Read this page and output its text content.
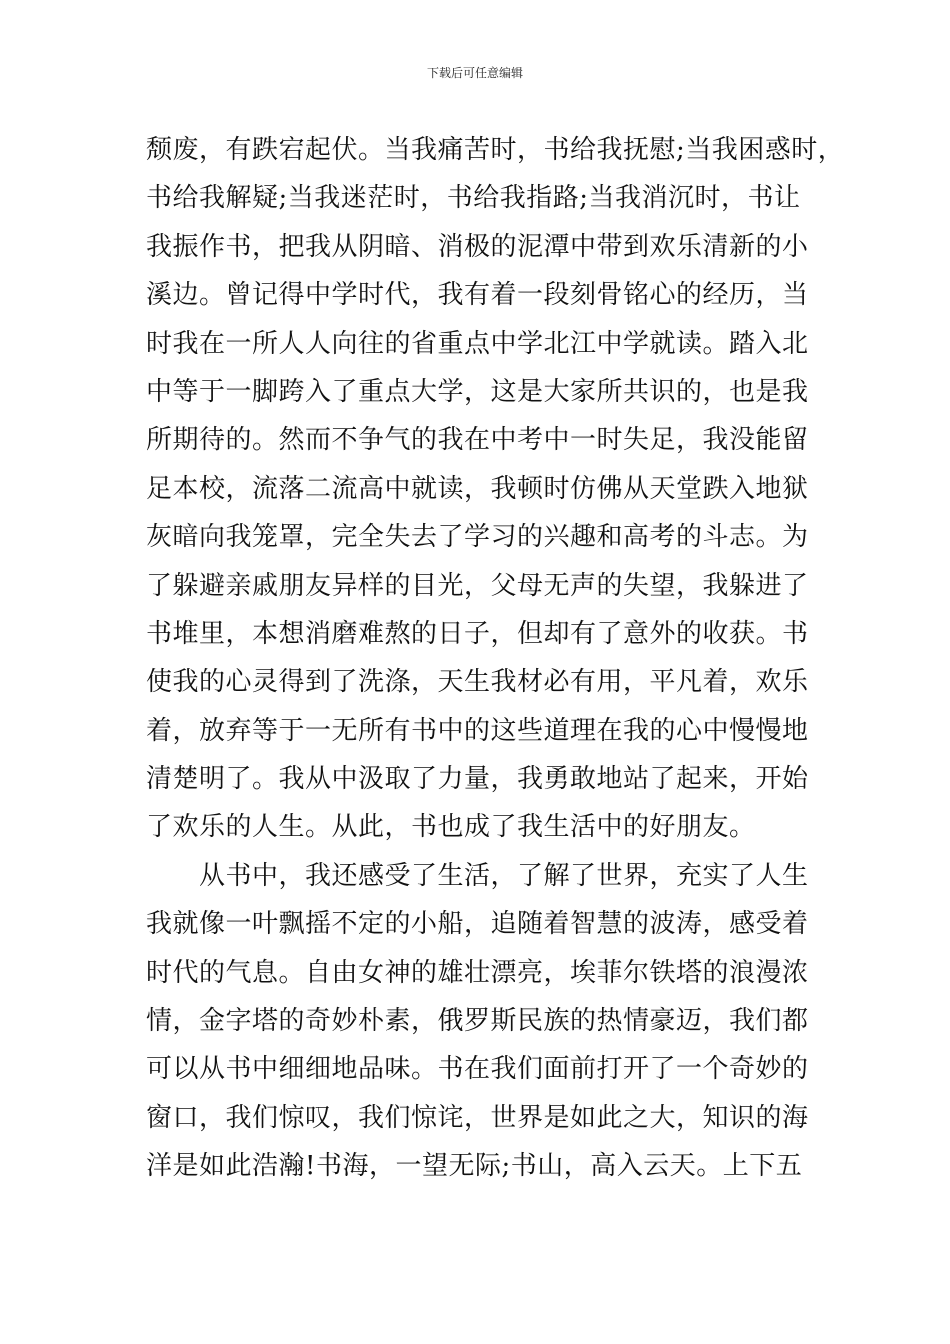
下载后可任意编辑
颓废，有跌宕起伏。当我痛苦时，书给我抚慰;当我困惑时，
书给我解疑;当我迷茫时，书给我指路;当我消沉时，书让
我振作书，把我从阴暗、消极的泥潭中带到欢乐清新的小
溪边。曾记得中学时代，我有着一段刻骨铭心的经历，当
时我在一所人人向往的省重点中学北江中学就读。踏入北
中等于一脚跨入了重点大学，这是大家所共识的，也是我
所期待的。然而不争气的我在中考中一时失足，我没能留
足本校，流落二流高中就读，我顿时仿佛从天堂跌入地狱
灰暗向我笼罩，完全失去了学习的兴趣和高考的斗志。为
了躲避亲戚朋友异样的目光，父母无声的失望，我躲进了
书堆里，本想消磨难熬的日子，但却有了意外的收获。书
使我的心灵得到了洗涤，天生我材必有用，平凡着，欢乐
着，放弃等于一无所有书中的这些道理在我的心中慢慢地
清楚明了。我从中汲取了力量，我勇敢地站了起来，开始
了欢乐的人生。从此，书也成了我生活中的好朋友。
　　从书中，我还感受了生活，了解了世界，充实了人生
我就像一叶飘摇不定的小船，追随着智慧的波涛，感受着
时代的气息。自由女神的雄壮漂亮，埃菲尔铁塔的浪漫浓
情，金字塔的奇妙朴素，俄罗斯民族的热情豪迈，我们都
可以从书中细细地品味。书在我们面前打开了一个奇妙的
窗口，我们惊叹，我们惊诧，世界是如此之大，知识的海
洋是如此浩瀚!书海，一望无际;书山，高入云天。上下五
